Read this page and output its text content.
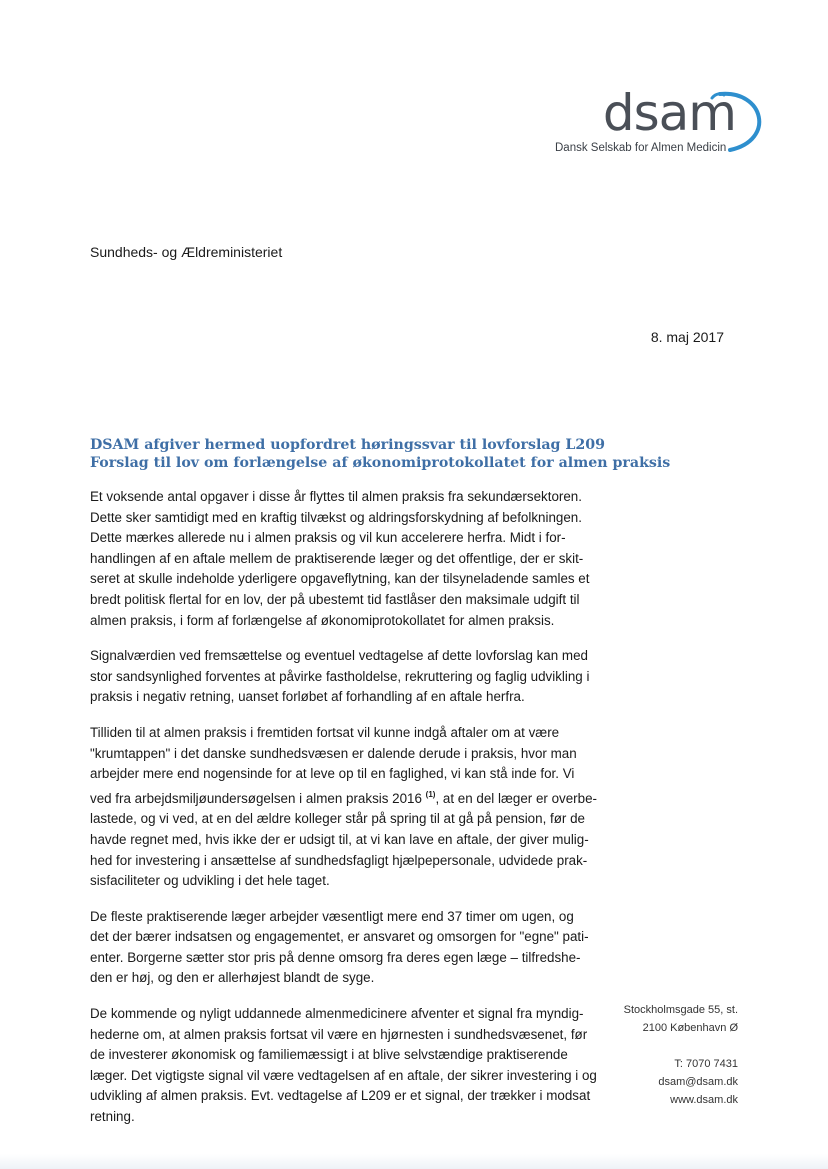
dsam
Dansk Selskab for Almen Medicin
Sundheds- og Ældreministeriet
8. maj 2017
DSAM afgiver hermed uopfordret høringssvar til lovforslag L209
Forslag til lov om forlængelse af økonomiprotokollatet for almen praksis
Et voksende antal opgaver i disse år flyttes til almen praksis fra sekundærsektoren.
Dette sker samtidigt med en kraftig tilvækst og aldringsforskydning af befolkningen.
Dette mærkes allerede nu i almen praksis og vil kun accelerere herfra. Midt i for-
handlingen af en aftale mellem de praktiserende læger og det offentlige, der er skit-
seret at skulle indeholde yderligere opgaveflytning, kan der tilsyneladende samles et
bredt politisk flertal for en lov, der på ubestemt tid fastlåser den maksimale udgift til
almen praksis, i form af forlængelse af økonomiprotokollatet for almen praksis.
Signalværdien ved fremsættelse og eventuel vedtagelse af dette lovforslag kan med
stor sandsynlighed forventes at påvirke fastholdelse, rekruttering og faglig udvikling i
praksis i negativ retning, uanset forløbet af forhandling af en aftale herfra.
Tilliden til at almen praksis i fremtiden fortsat vil kunne indgå aftaler om at være
"krumtappen" i det danske sundhedsvæsen er dalende derude i praksis, hvor man
arbejder mere end nogensinde for at leve op til en faglighed, vi kan stå inde for. Vi
ved fra arbejdsmiljøundersøgelsen i almen praksis 2016 $^{(1)}$, at en del læger er overbe-
lastede, og vi ved, at en del ældre kolleger står på spring til at gå på pension, før de
havde regnet med, hvis ikke der er udsigt til, at vi kan lave en aftale, der giver mulig-
hed for investering i ansættelse af sundhedsfagligt hjælpepersonale, udvidede prak-
sisfaciliteter og udvikling i det hele taget.
De fleste praktiserende læger arbejder væsentligt mere end 37 timer om ugen, og
det der bærer indsatsen og engagementet, er ansvaret og omsorgen for "egne" pati-
enter. Borgerne sætter stor pris på denne omsorg fra deres egen læge – tilfredshe-
den er høj, og den er allerhøjest blandt de syge.
De kommende og nyligt uddannede almenmedicinere afventer et signal fra myndig-
hederne om, at almen praksis fortsat vil være en hjørnesten i sundhedsvæsenet, før
de investerer økonomisk og familiemæssigt i at blive selvstændige praktiserende
læger. Det vigtigste signal vil være vedtagelsen af en aftale, der sikrer investering i og
udvikling af almen praksis. Evt. vedtagelse af L209 er et signal, der trækker i modsat
retning.
Stockholmsgade 55, st.
2100 København Ø
T: 7070 7431
dsam@dsam.dk
www.dsam.dk
